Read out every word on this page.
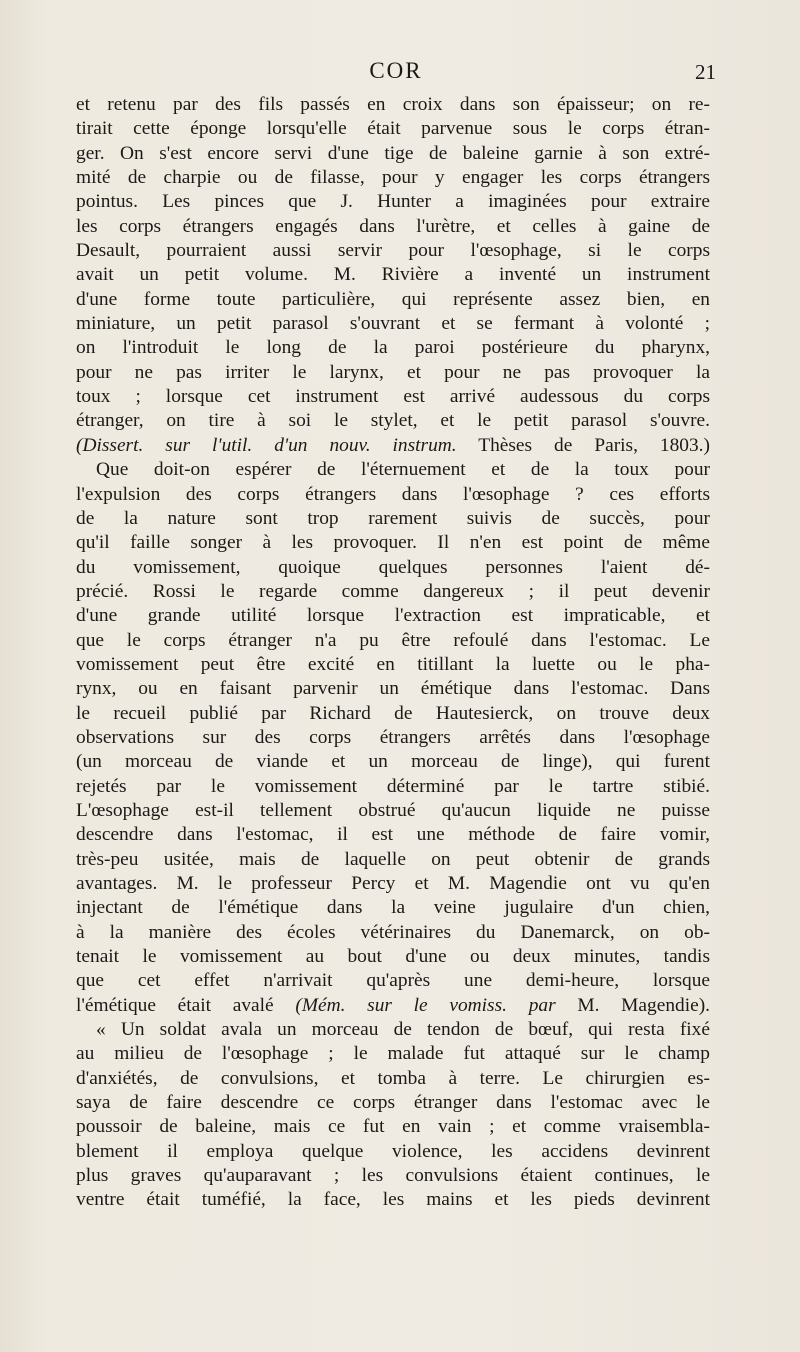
COR	21
et retenu par des fils passés en croix dans son épaisseur; on re-
tirait cette éponge lorsqu'elle était parvenue sous le corps étran-
ger. On s'est encore servi d'une tige de baleine garnie à son extré-
mité de charpie ou de filasse, pour y engager les corps étrangers
pointus. Les pinces que J. Hunter a imaginées pour extraire
les corps étrangers engagés dans l'urètre, et celles à gaine de
Desault, pourraient aussi servir pour l'œsophage, si le corps
avait un petit volume. M. Rivière a inventé un instrument
d'une forme toute particulière, qui représente assez bien, en
miniature, un petit parasol s'ouvrant et se fermant à volonté ;
on l'introduit le long de la paroi postérieure du pharynx,
pour ne pas irriter le larynx, et pour ne pas provoquer la
toux ; lorsque cet instrument est arrivé audessous du corps
étranger, on tire à soi le stylet, et le petit parasol s'ouvre.
(Dissert. sur l'util. d'un nouv. instrum. Thèses de Paris, 1803.)
Que doit-on espérer de l'éternuement et de la toux pour
l'expulsion des corps étrangers dans l'œsophage ? ces efforts
de la nature sont trop rarement suivis de succès, pour
qu'il faille songer à les provoquer. Il n'en est point de même
du vomissement, quoique quelques personnes l'aient dé-
précié. Rossi le regarde comme dangereux ; il peut devenir
d'une grande utilité lorsque l'extraction est impraticable, et
que le corps étranger n'a pu être refoulé dans l'estomac. Le
vomissement peut être excité en titillant la luette ou le pha-
rynx, ou en faisant parvenir un émétique dans l'estomac. Dans
le recueil publié par Richard de Hautesierck, on trouve deux
observations sur des corps étrangers arrêtés dans l'œsophage
(un morceau de viande et un morceau de linge), qui furent
rejetés par le vomissement déterminé par le tartre stibié.
L'œsophage est-il tellement obstrué qu'aucun liquide ne puisse
descendre dans l'estomac, il est une méthode de faire vomir,
très-peu usitée, mais de laquelle on peut obtenir de grands
avantages. M. le professeur Percy et M. Magendie ont vu qu'en
injectant de l'émétique dans la veine jugulaire d'un chien,
à la manière des écoles vétérinaires du Danemarck, on ob-
tenait le vomissement au bout d'une ou deux minutes, tandis
que cet effet n'arrivait qu'après une demi-heure, lorsque
l'émétique était avalé (Mém. sur le vomiss. par M. Magendie).
« Un soldat avala un morceau de tendon de bœuf, qui resta fixé
au milieu de l'œsophage ; le malade fut attaqué sur le champ
d'anxiétés, de convulsions, et tomba à terre. Le chirurgien es-
saya de faire descendre ce corps étranger dans l'estomac avec le
poussoir de baleine, mais ce fut en vain ; et comme vraisembla-
blement il employa quelque violence, les accidens devinrent
plus graves qu'auparavant ; les convulsions étaient continues, le
ventre était tuméfié, la face, les mains et les pieds devinrent
